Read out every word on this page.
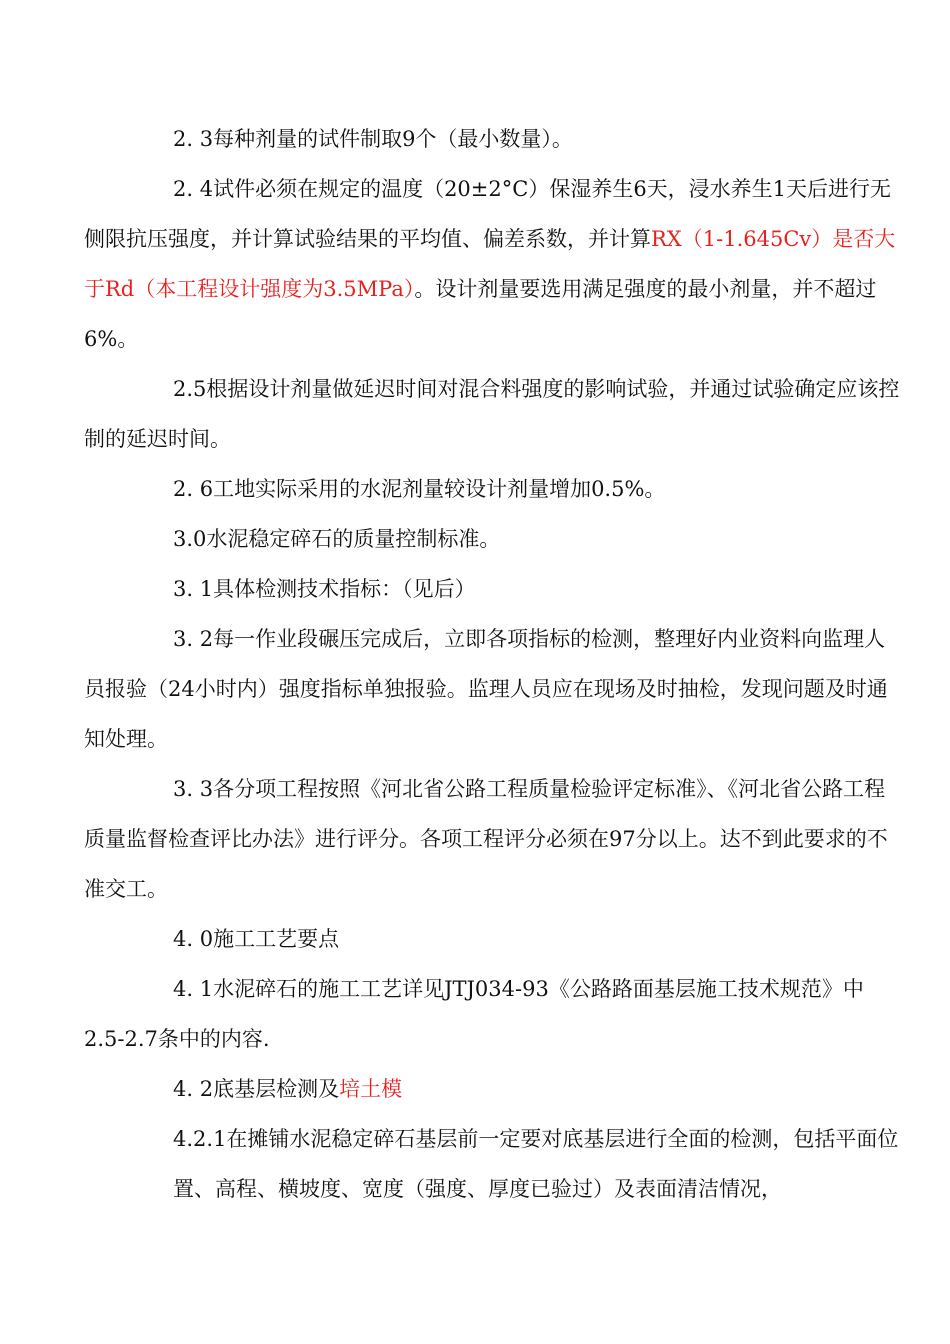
2. 3每种剂量的试件制取9个（最小数量）。

2. 4试件必须在规定的温度（20±2°C）保湿养生6天，浸水养生1天后进行无侧限抗压强度，并计算试验结果的平均值、偏差系数，并计算RX（1-1.645Cv）是否大于Rd（本工程设计强度为3.5MPa）。设计剂量要选用满足强度的最小剂量，并不超过6%。

2.5根据设计剂量做延迟时间对混合料强度的影响试验，并通过试验确定应该控制的延迟时间。

2. 6工地实际采用的水泥剂量较设计剂量增加0.5%。

3.0水泥稳定碎石的质量控制标准。

3. 1具体检测技术指标：（见后）

3. 2每一作业段碾压完成后，立即各项指标的检测，整理好内业资料向监理人员报验（24小时内）强度指标单独报验。监理人员应在现场及时抽检，发现问题及时通知处理。

3. 3各分项工程按照《河北省公路工程质量检验评定标准》、《河北省公路工程质量监督检查评比办法》进行评分。各项工程评分必须在97分以上。达不到此要求的不准交工。

4. 0施工工艺要点

4. 1水泥碎石的施工工艺详见JTJ034-93《公路路面基层施工技术规范》中2.5-2.7条中的内容.

4. 2底基层检测及培土模

4.2.1在摊铺水泥稳定碎石基层前一定要对底基层进行全面的检测，包括平面位置、高程、横坡度、宽度（强度、厚度已验过）及表面清洁情况，
